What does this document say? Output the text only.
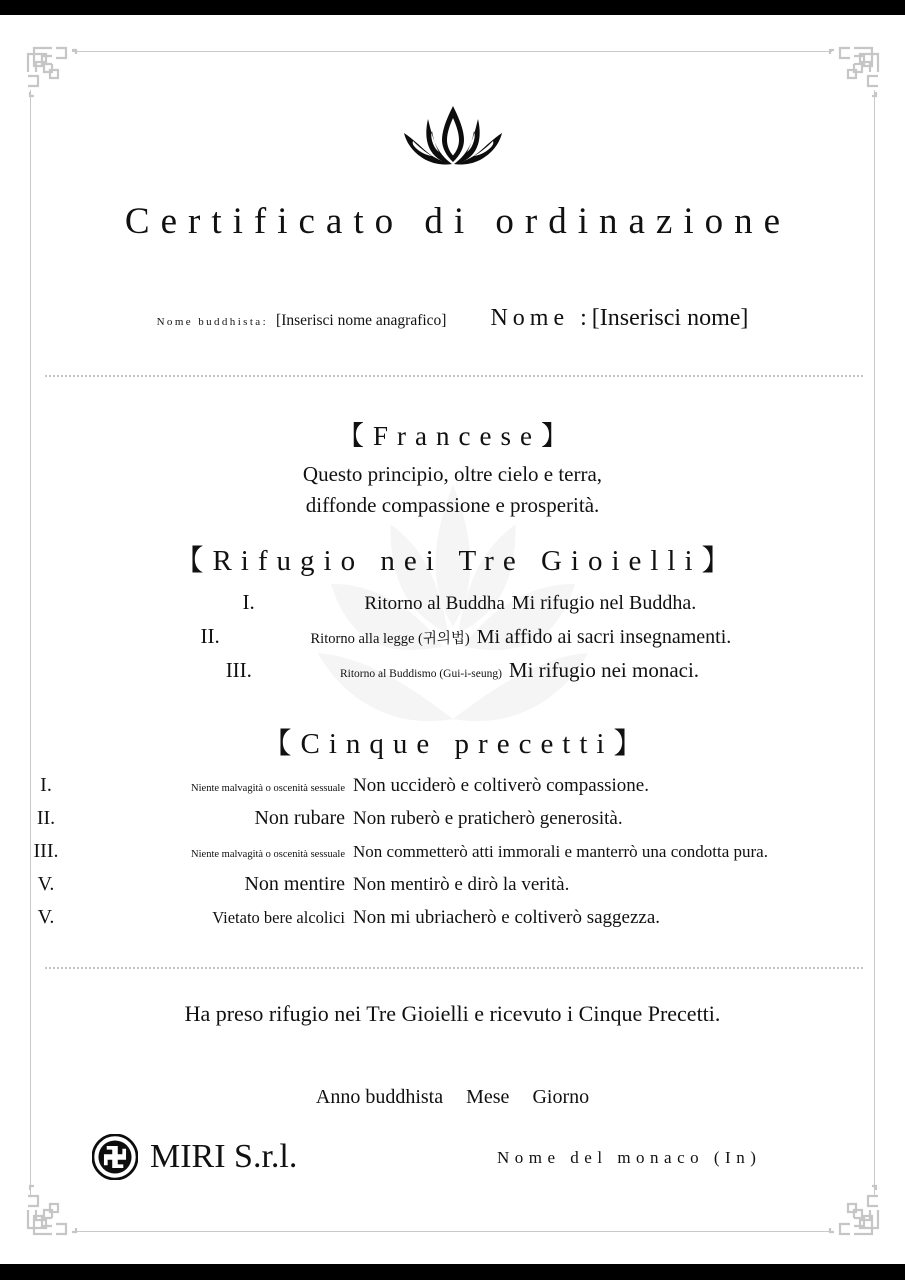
Certificato di ordinazione
Nome buddhista: [Inserisci nome anagrafico] Nome : [Inserisci nome]
【Francese】
Questo principio, oltre cielo e terra,
diffonde compassione e prosperità.
【Rifugio nei Tre Gioielli】
I.	Ritorno al Buddha Mi rifugio nel Buddha.
II.	Ritorno alla legge (귀의법) Mi affido ai sacri insegnamenti.
III.	Ritorno al Buddismo (Gui-i-seung) Mi rifugio nei monaci.
【Cinque precetti】
I.	Niente malvagità o oscenità sessuale Non ucciderò e coltiverò compassione.
II.	Non rubare Non ruberò e praticherò generosità.
III.	Niente malvagità o oscenità sessuale Non commetterò atti immorali e manterrò una condotta pura.
V.	Non mentire Non mentirò e dirò la verità.
V.	Vietato bere alcolici Non mi ubriacherò e coltiverò saggezza.
Ha preso rifugio nei Tre Gioielli e ricevuto i Cinque Precetti.
Anno buddhista Mese Giorno
MIRI S.r.l.	Nome del monaco (In)
